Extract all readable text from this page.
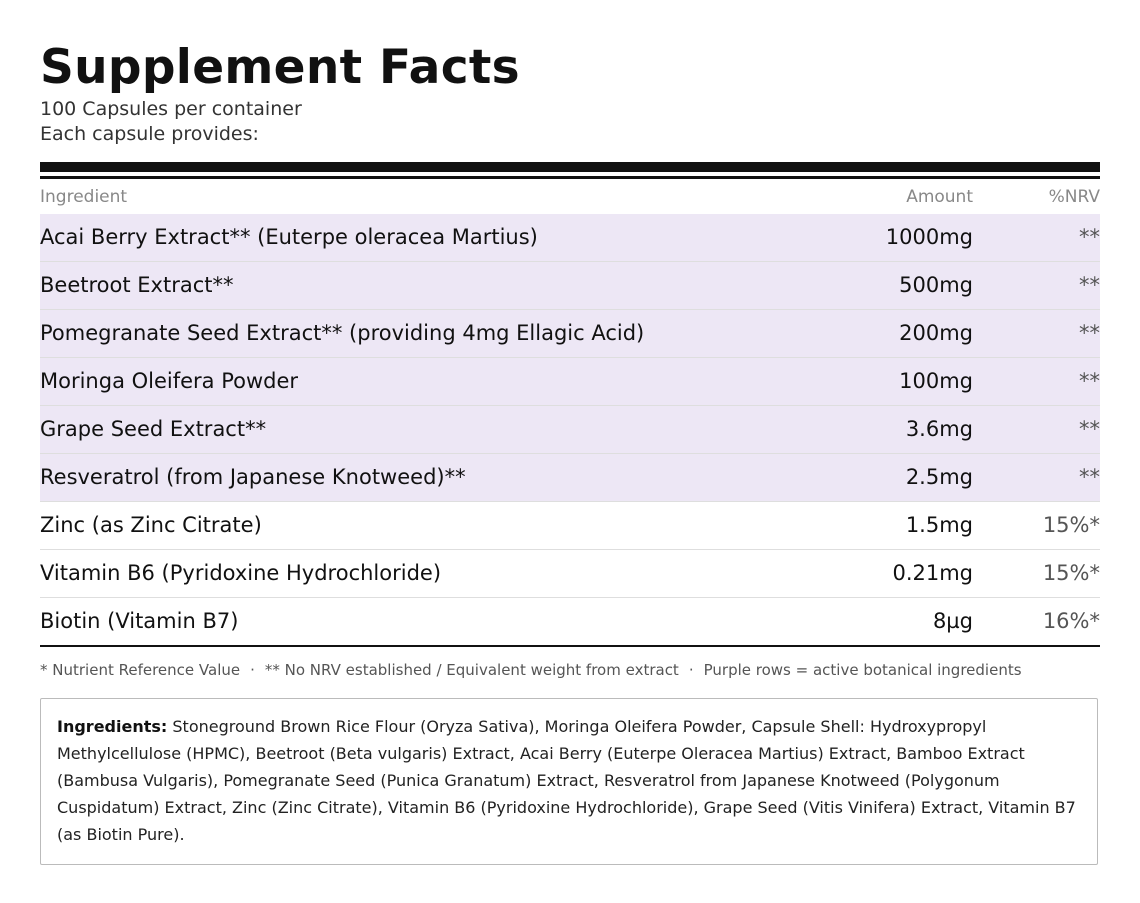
Supplement Facts
100 Capsules per container
Each capsule provides:
Ingredient	Amount	%NRV
Acai Berry Extract** (Euterpe oleracea Martius)	1000mg	**
Beetroot Extract**	500mg	**
Pomegranate Seed Extract** (providing 4mg Ellagic Acid)	200mg	**
Moringa Oleifera Powder	100mg	**
Grape Seed Extract**	3.6mg	**
Resveratrol (from Japanese Knotweed)**	2.5mg	**
Zinc (as Zinc Citrate)	1.5mg	15%*
Vitamin B6 (Pyridoxine Hydrochloride)	0.21mg	15%*
Biotin (Vitamin B7)	8µg	16%*
* Nutrient Reference Value · ** No NRV established / Equivalent weight from extract · Purple rows = active botanical ingredients
Ingredients: Stoneground Brown Rice Flour (Oryza Sativa), Moringa Oleifera Powder, Capsule Shell: Hydroxypropyl Methylcellulose (HPMC), Beetroot (Beta vulgaris) Extract, Acai Berry (Euterpe Oleracea Martius) Extract, Bamboo Extract (Bambusa Vulgaris), Pomegranate Seed (Punica Granatum) Extract, Resveratrol from Japanese Knotweed (Polygonum Cuspidatum) Extract, Zinc (Zinc Citrate), Vitamin B6 (Pyridoxine Hydrochloride), Grape Seed (Vitis Vinifera) Extract, Vitamin B7 (as Biotin Pure).
